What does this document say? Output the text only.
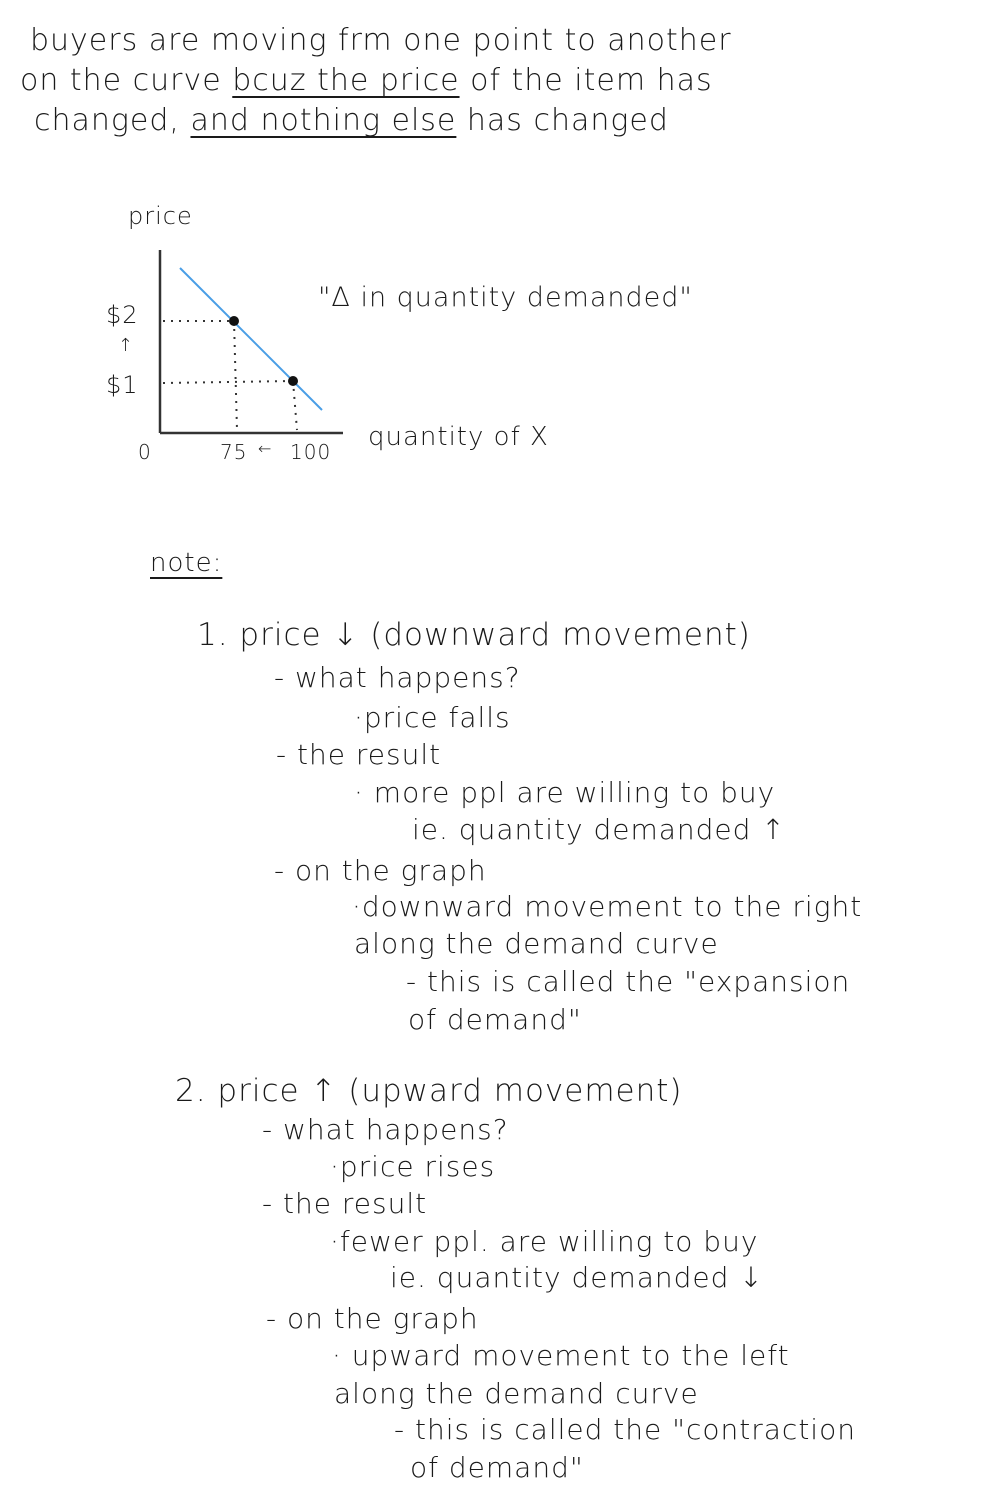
buyers are moving frm one point to another
on the curve bcuz the price of the item has
changed, and nothing else has changed
price
$2
↑
$1
0	75 ← 100 quantity of X
"Δ in quantity demanded"
note:
1. price ↓ (downward movement)
- what happens?
·price falls
- the result
· more ppl are willing to buy
ie. quantity demanded ↑
- on the graph
·downward movement to the right
along the demand curve
- this is called the "expansion
of demand"
2. price ↑ (upward movement)
- what happens?
·price rises
- the result
·fewer ppl. are willing to buy
ie. quantity demanded ↓
- on the graph
· upward movement to the left
along the demand curve
- this is called the "contraction
of demand"
